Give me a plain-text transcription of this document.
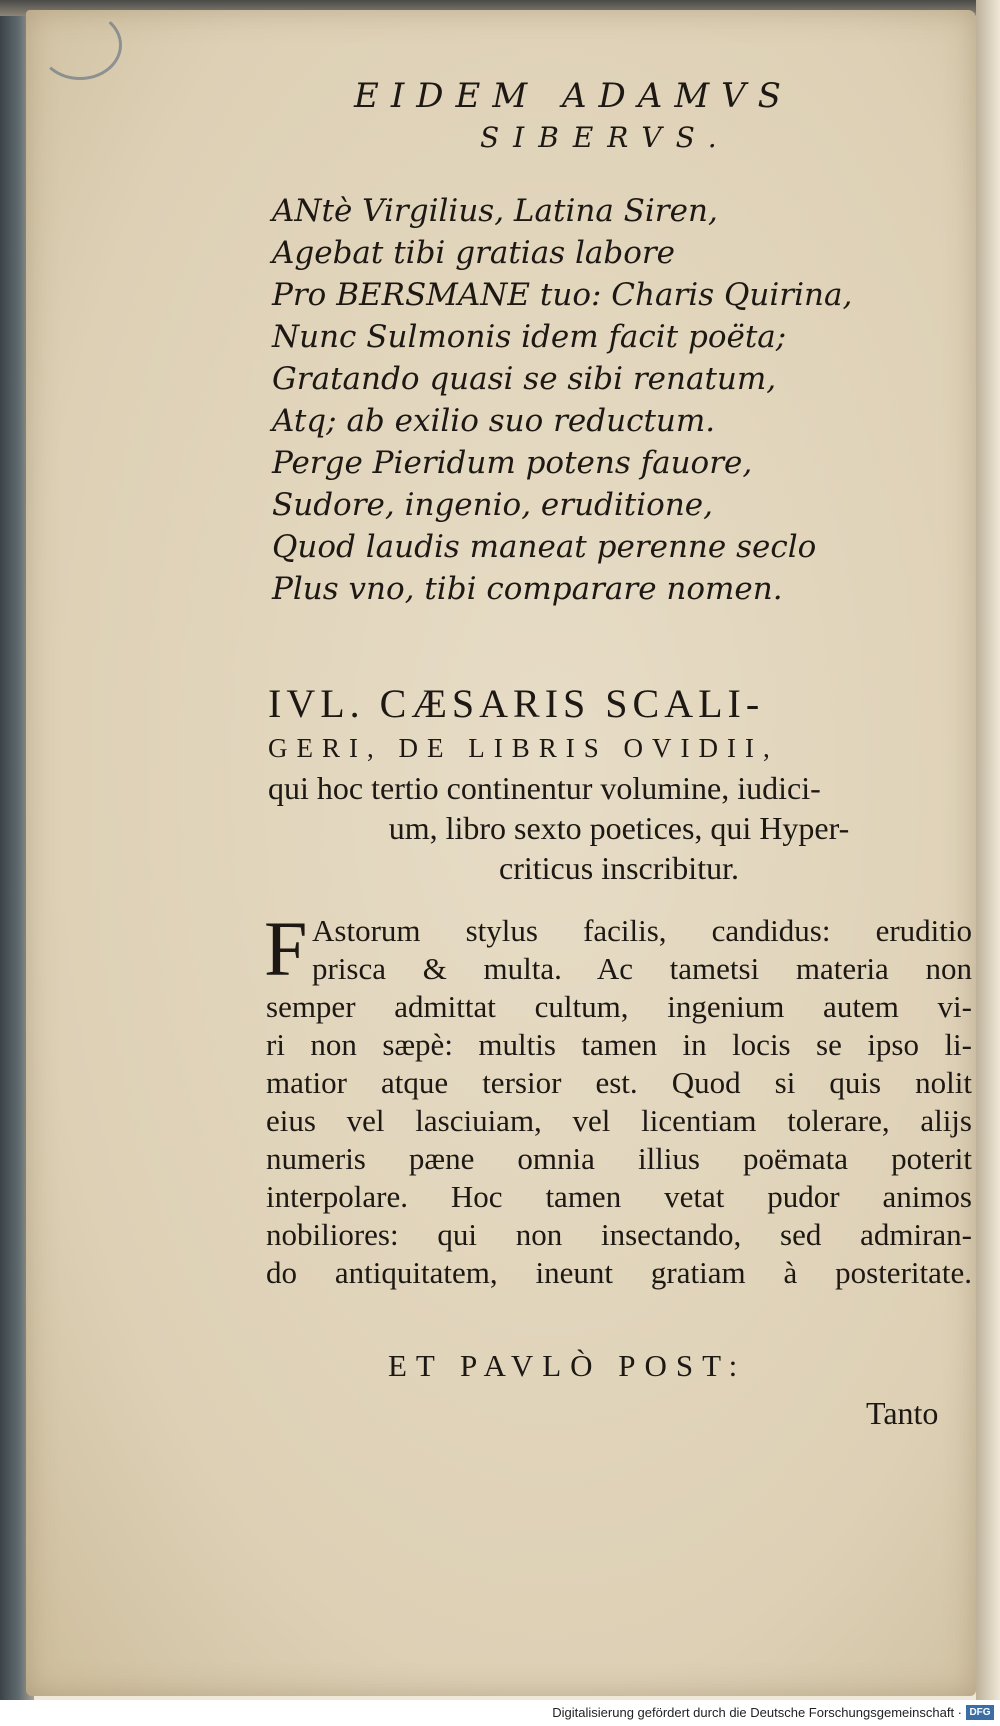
EIDEM ADAMVS

SIBERVS.

ANtè Virgilius, Latina Siren,
Agebat tibi gratias labore
Pro BERSMANE tuo: Charis Quirina,
Nunc Sulmonis idem facit poëta;
Gratando quasi se sibi renatum,
Atq; ab exilio suo reductum.
Perge Pieridum potens fauore,
Sudore, ingenio, eruditione,
Quod laudis maneat perenne seclo
Plus vno, tibi comparare nomen.
IVL. CÆSARIS SCALI-
GERI, DE LIBRIS OVIDII,
qui hoc tertio continentur volumine, iudici-
um, libro sexto poetices, qui Hyper-
criticus inscribitur.
F Astorum stylus facilis, candidus: eruditio
prisca & multa. Ac tametsi materia non
semper admittat cultum, ingenium autem vi-
ri non sæpè: multis tamen in locis se ipso li-
matior atque tersior est. Quod si quis nolit
eius vel lasciuiam, vel licentiam tolerare, alijs
numeris pæne omnia illius poëmata poterit
interpolare. Hoc tamen vetat pudor animos
nobiliores: qui non insectando, sed admiran-
do antiquitatem, ineunt gratiam à posteritate.

ET PAVLÒ POST:

Tanto

Digitalisierung gefördert durch die Deutsche Forschungsgemeinschaft · DFG
